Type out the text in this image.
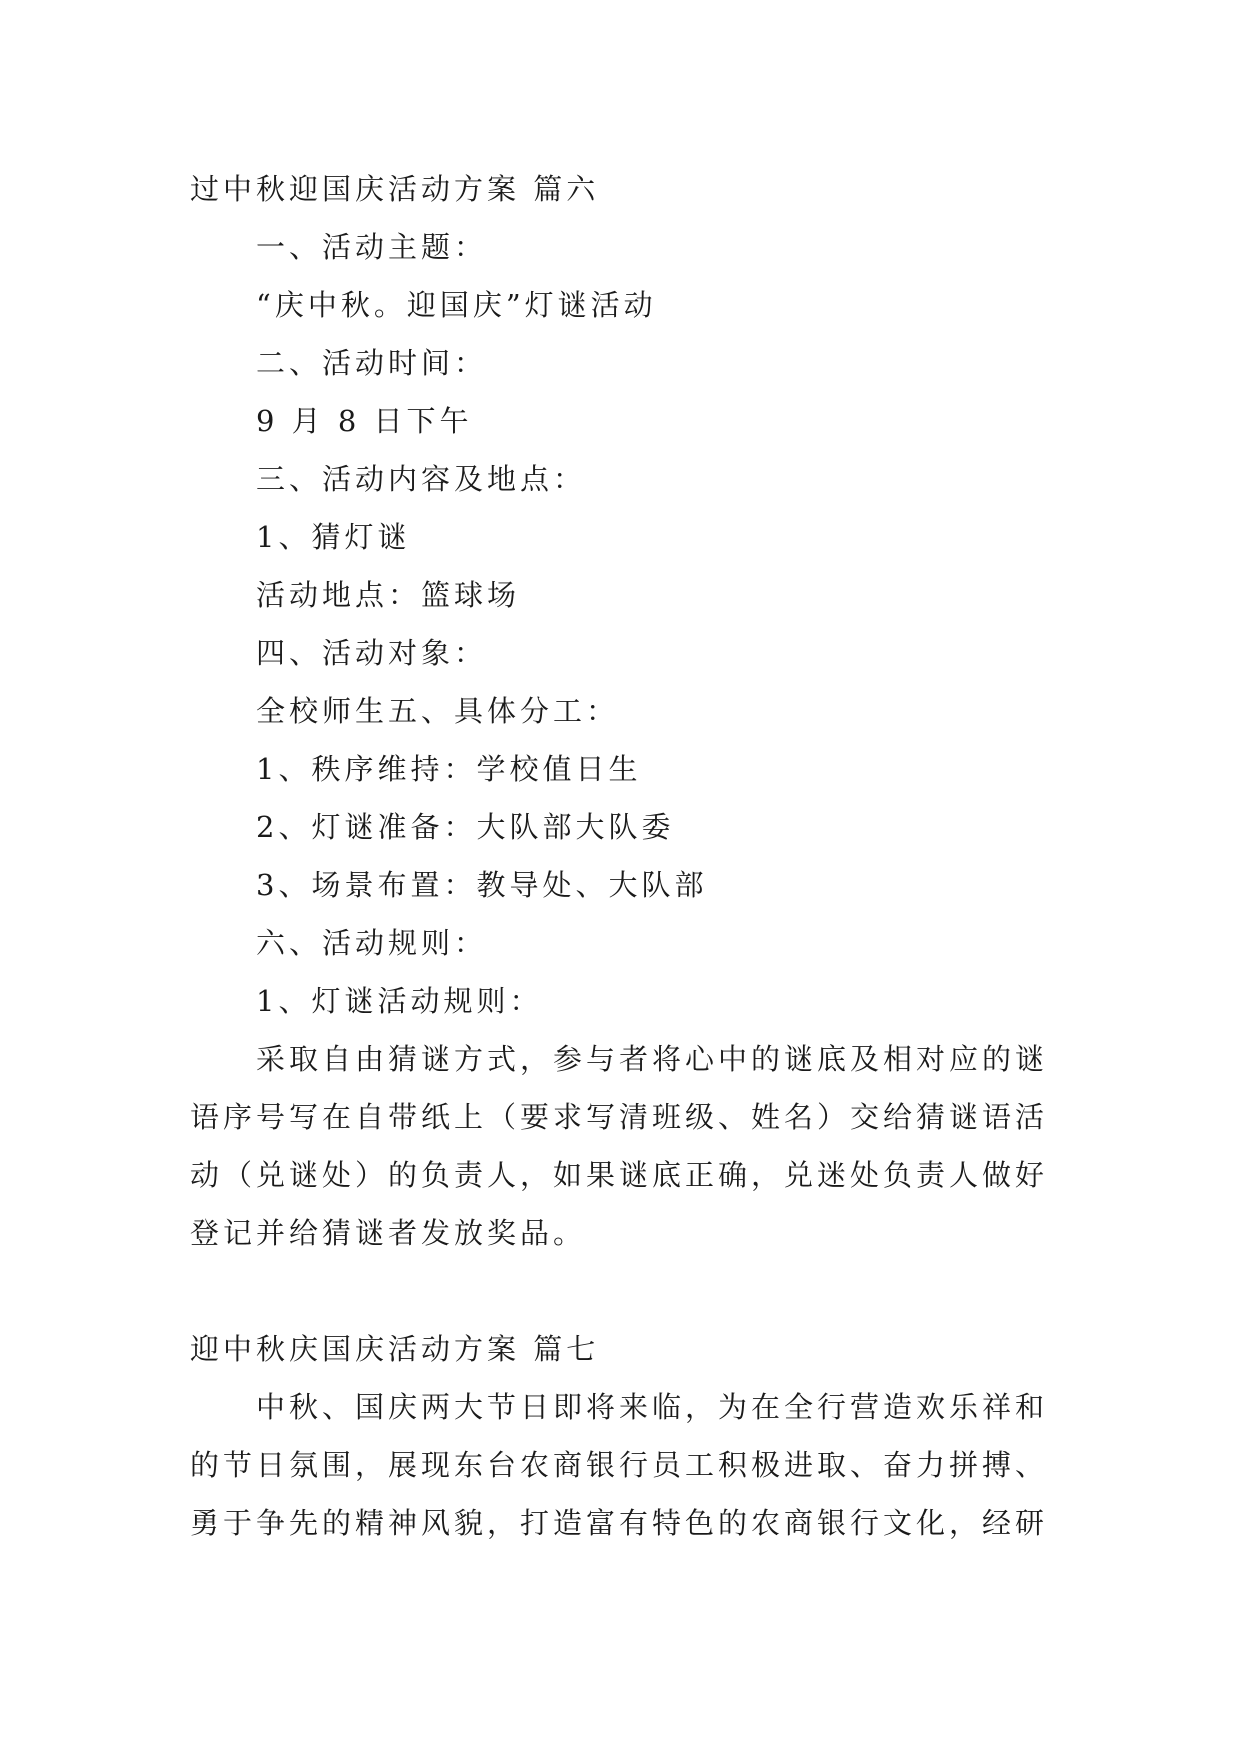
过中秋迎国庆活动方案 篇六

一、活动主题：

“庆中秋。迎国庆”灯谜活动

二、活动时间：

9 月 8 日下午

三、活动内容及地点：

1、猜灯谜

活动地点：篮球场

四、活动对象：

全校师生五、具体分工：

1、秩序维持：学校值日生

2、灯谜准备：大队部大队委

3、场景布置：教导处、大队部

六、活动规则：

1、灯谜活动规则：

采取自由猜谜方式，参与者将心中的谜底及相对应的谜
语序号写在自带纸上（要求写清班级、姓名）交给猜谜语活
动（兑谜处）的负责人，如果谜底正确，兑迷处负责人做好
登记并给猜谜者发放奖品。

迎中秋庆国庆活动方案 篇七

中秋、国庆两大节日即将来临，为在全行营造欢乐祥和
的节日氛围，展现东台农商银行员工积极进取、奋力拼搏、
勇于争先的精神风貌，打造富有特色的农商银行文化，经研
